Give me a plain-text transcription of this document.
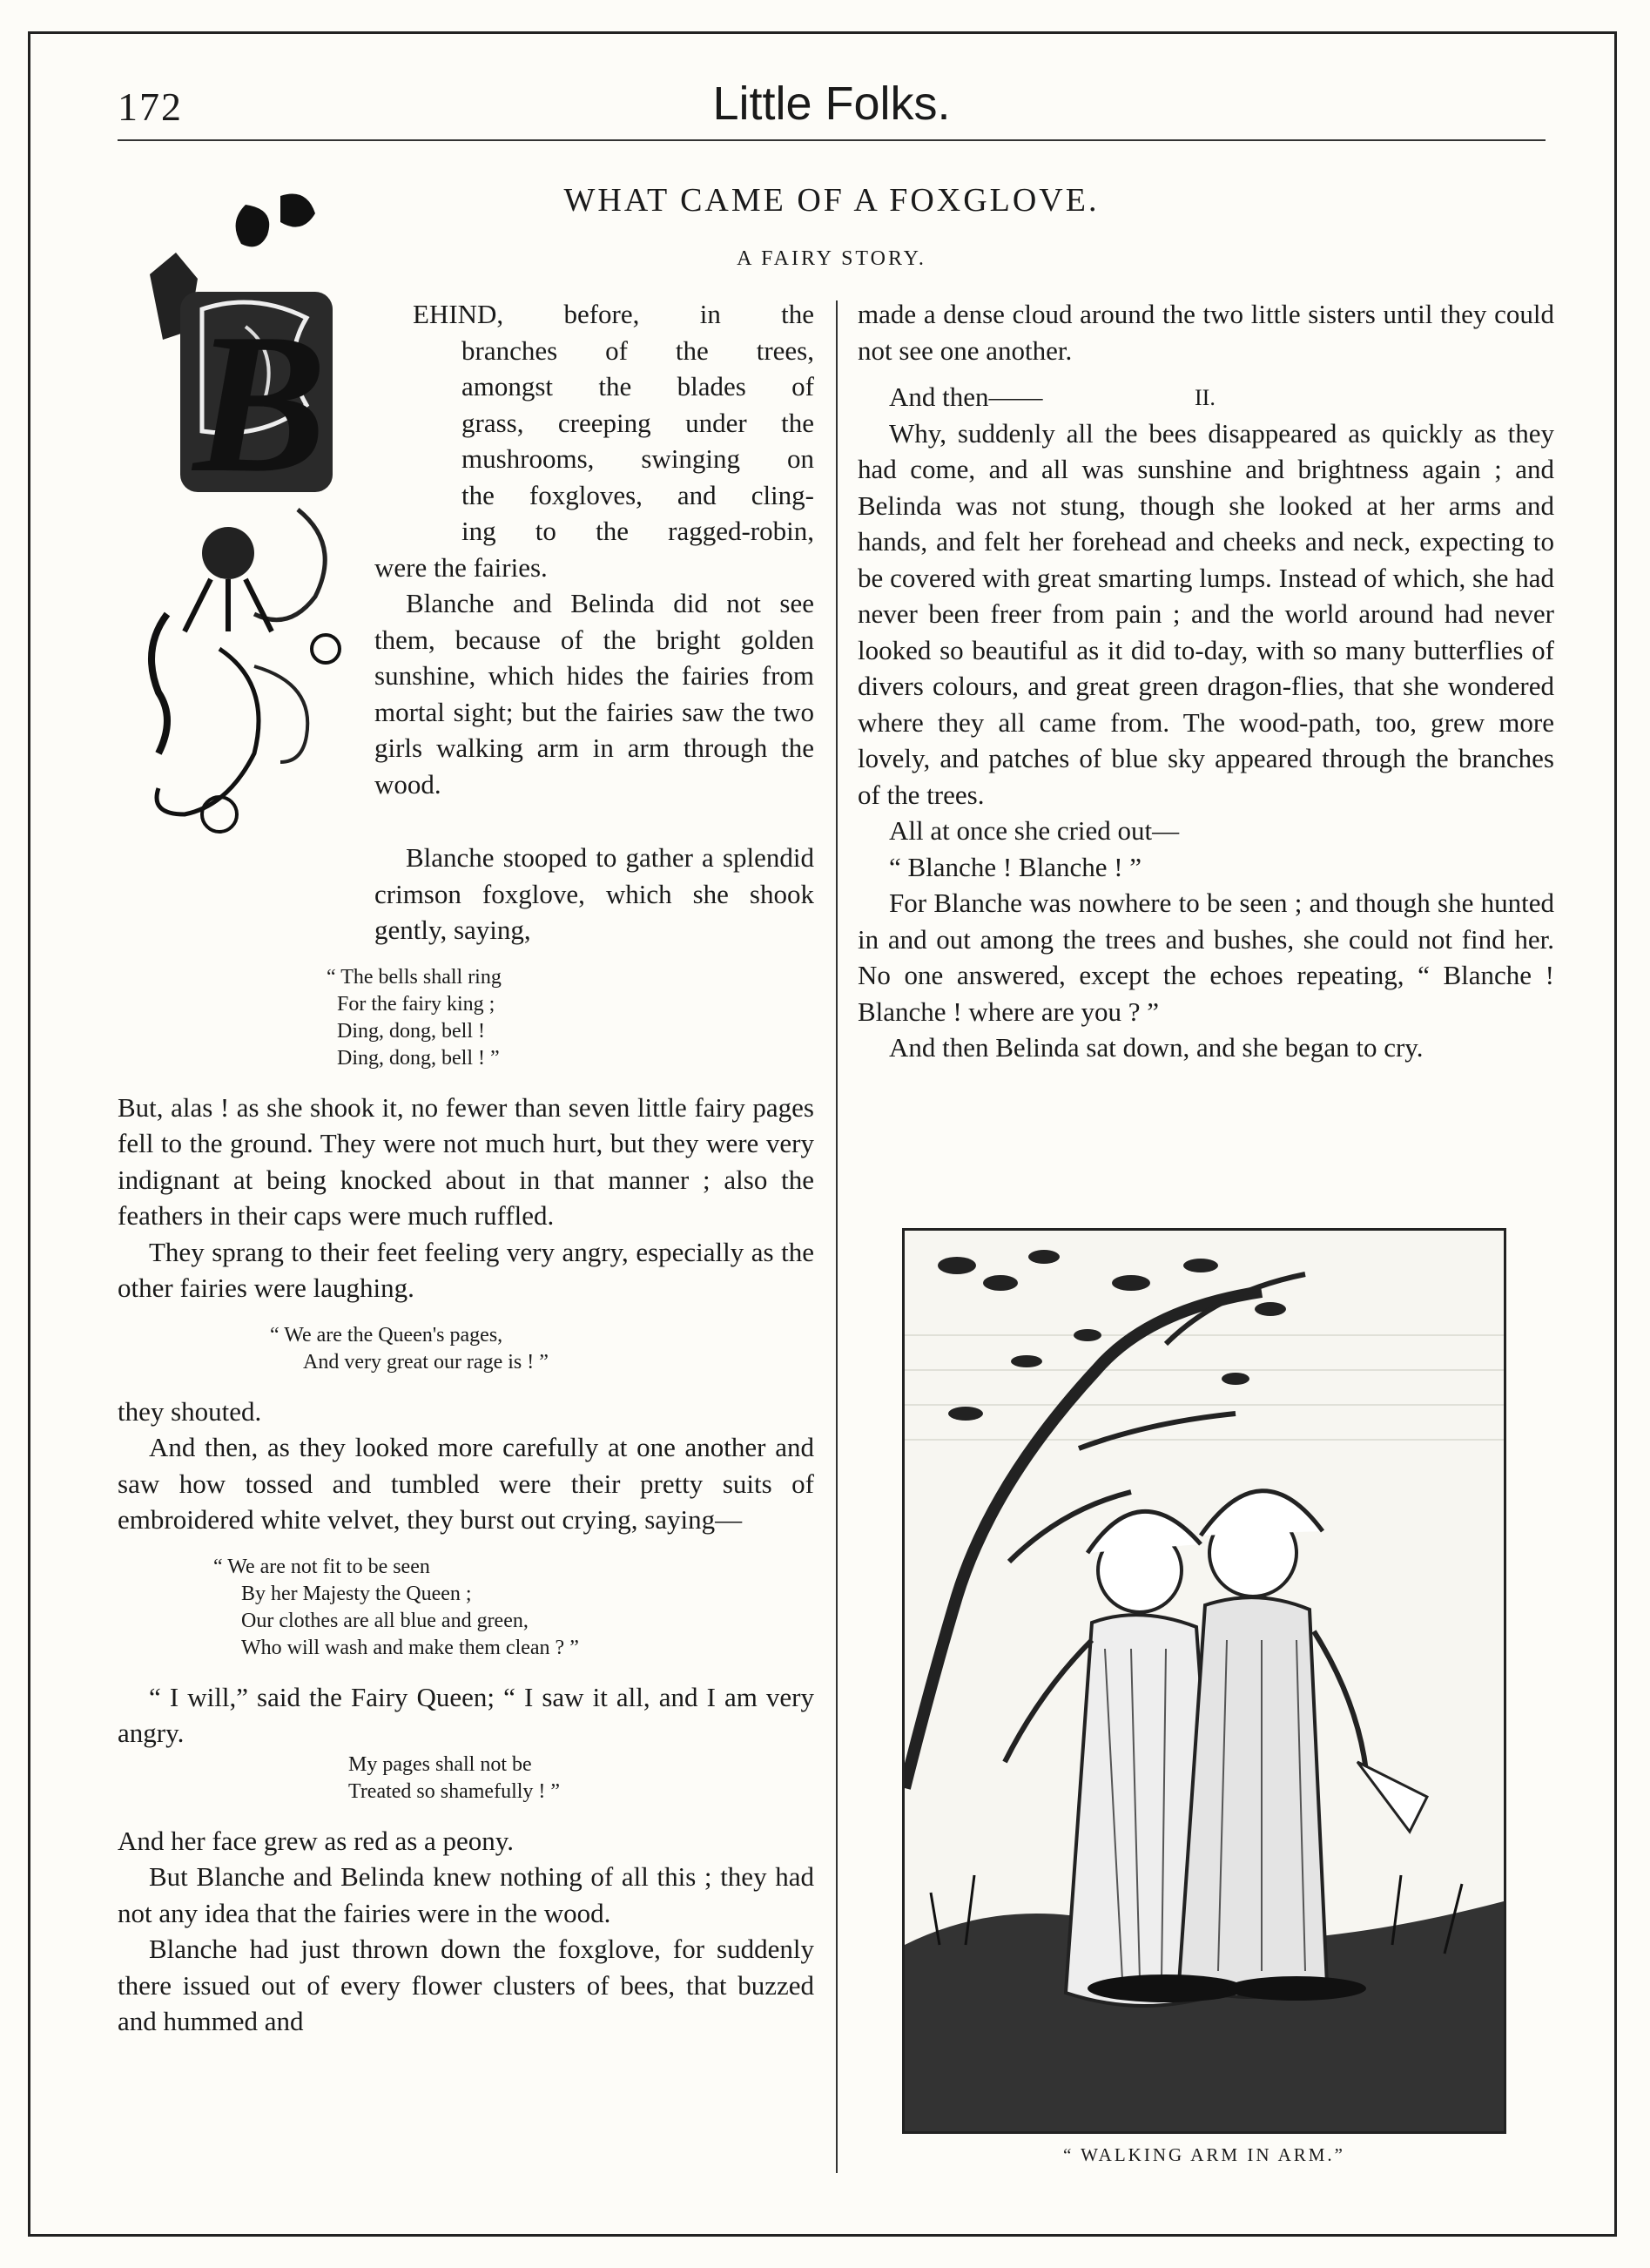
172	Little Folks.
WHAT CAME OF A FOXGLOVE.
A FAIRY STORY.
B	EHIND, before, in the
branches of the trees,
amongst the blades of
grass, creeping under the
mushrooms, swinging on
the foxgloves, and cling-
ing to the ragged-robin,
were the fairies.

Blanche and Belinda did not see them, because of the bright golden sunshine, which hides the fairies from mortal sight; but the fairies saw the two girls walking arm in arm through the wood.

Blanche stooped to gather a splendid crimson foxglove, which she shook gently, saying,

“ The bells shall ring
For the fairy king ;
Ding, dong, bell !
Ding, dong, bell ! ”

But, alas ! as she shook it, no fewer than seven little fairy pages fell to the ground. They were not much hurt, but they were very indignant at being knocked about in that manner ; also the feathers in their caps were much ruffled.

They sprang to their feet feeling very angry, especially as the other fairies were laughing.

“ We are the Queen's pages,
And very great our rage is ! ”

they shouted.

And then, as they looked more carefully at one another and saw how tossed and tumbled were their pretty suits of embroidered white velvet, they burst out crying, saying—

“ We are not fit to be seen
By her Majesty the Queen ;
Our clothes are all blue and green,
Who will wash and make them clean ? ”

“ I will,” said the Fairy Queen; “ I saw it all, and I am very angry.

My pages shall not be
Treated so shamefully ! ”

And her face grew as red as a peony.

But Blanche and Belinda knew nothing of all this ; they had not any idea that the fairies were in the wood.

Blanche had just thrown down the foxglove, for suddenly there issued out of every flower clusters of bees, that buzzed and hummed and

made a dense cloud around the two little sisters until they could not see one another.

And then——

Why, suddenly all the bees disappeared as quickly as they had come, and all was sunshine and brightness again ; and Belinda was not stung, though she looked at her arms and hands, and felt her forehead and cheeks and neck, expecting to be covered with great smarting lumps. Instead of which, she had never been freer from pain ; and the world around had never looked so beautiful as it did to-day, with so many butterflies of divers colours, and great green dragon-flies, that she wondered where they all came from. The wood-path, too, grew more lovely, and patches of blue sky appeared through the branches of the trees.

All at once she cried out—

“ Blanche ! Blanche ! ”

For Blanche was nowhere to be seen ; and though she hunted in and out among the trees and bushes, she could not find her. No one answered, except the echoes repeating, “ Blanche ! Blanche ! where are you ? ”

And then Belinda sat down, and she began to cry.

II.
“ WALKING ARM IN ARM.”
